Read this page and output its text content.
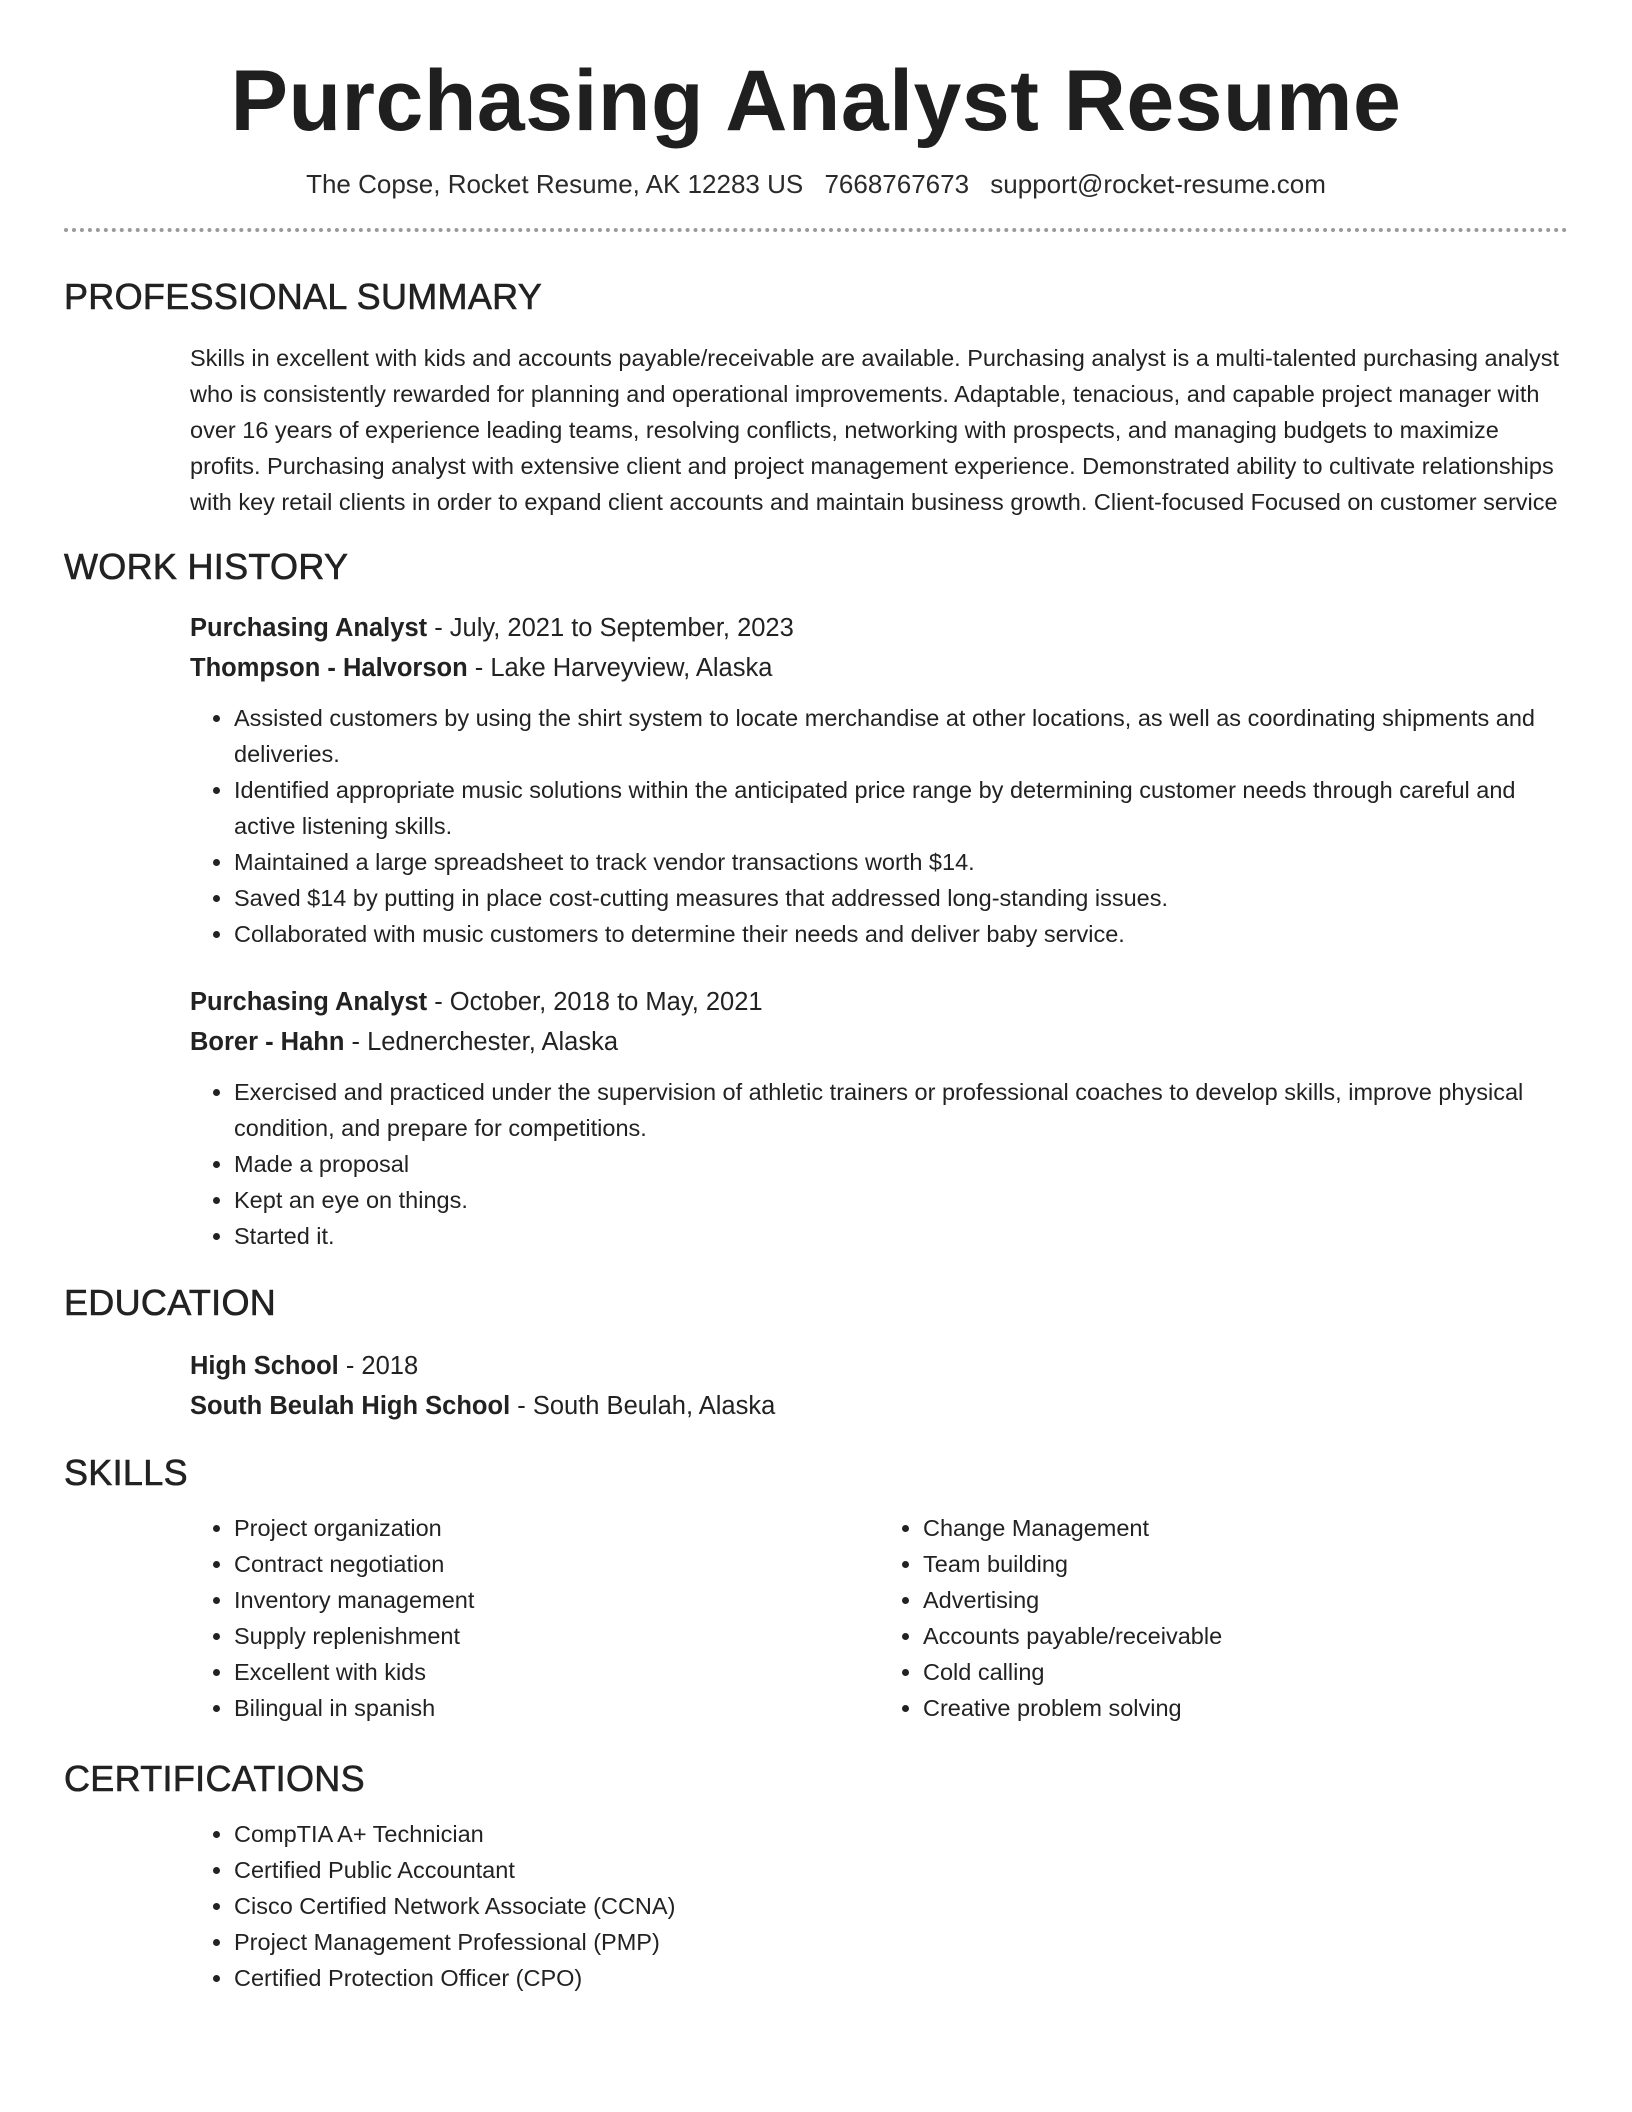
Purchasing Analyst Resume
The Copse, Rocket Resume, AK 12283 US 7668767673 support@rocket-resume.com
PROFESSIONAL SUMMARY
Skills in excellent with kids and accounts payable/receivable are available. Purchasing analyst is a multi-talented purchasing analyst who is consistently rewarded for planning and operational improvements. Adaptable, tenacious, and capable project manager with over 16 years of experience leading teams, resolving conflicts, networking with prospects, and managing budgets to maximize profits. Purchasing analyst with extensive client and project management experience. Demonstrated ability to cultivate relationships with key retail clients in order to expand client accounts and maintain business growth. Client-focused Focused on customer service
WORK HISTORY
Purchasing Analyst - July, 2021 to September, 2023
Thompson - Halvorson - Lake Harveyview, Alaska
• Assisted customers by using the shirt system to locate merchandise at other locations, as well as coordinating shipments and deliveries.
• Identified appropriate music solutions within the anticipated price range by determining customer needs through careful and active listening skills.
• Maintained a large spreadsheet to track vendor transactions worth $14.
• Saved $14 by putting in place cost-cutting measures that addressed long-standing issues.
• Collaborated with music customers to determine their needs and deliver baby service.
Purchasing Analyst - October, 2018 to May, 2021
Borer - Hahn - Lednerchester, Alaska
• Exercised and practiced under the supervision of athletic trainers or professional coaches to develop skills, improve physical condition, and prepare for competitions.
• Made a proposal
• Kept an eye on things.
• Started it.
EDUCATION
High School - 2018
South Beulah High School - South Beulah, Alaska
SKILLS
• Project organization
• Contract negotiation
• Inventory management
• Supply replenishment
• Excellent with kids
• Bilingual in spanish
• Change Management
• Team building
• Advertising
• Accounts payable/receivable
• Cold calling
• Creative problem solving
CERTIFICATIONS
• CompTIA A+ Technician
• Certified Public Accountant
• Cisco Certified Network Associate (CCNA)
• Project Management Professional (PMP)
• Certified Protection Officer (CPO)
